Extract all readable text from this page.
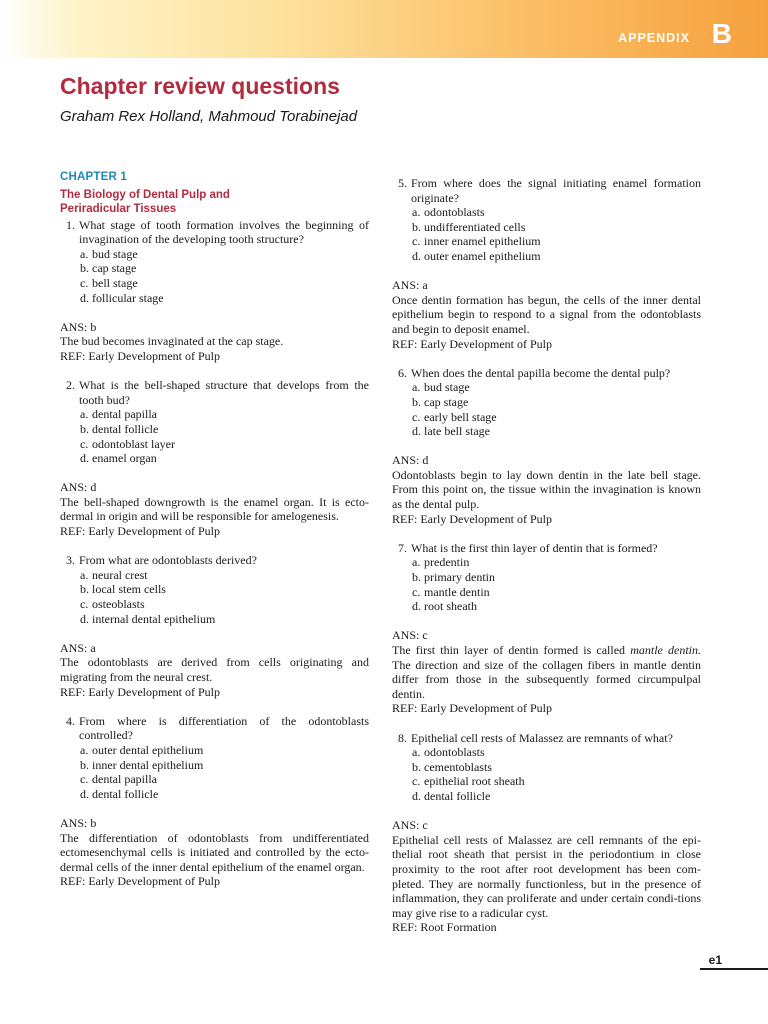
APPENDIX B
Chapter review questions
Graham Rex Holland, Mahmoud Torabinejad
CHAPTER 1
The Biology of Dental Pulp and
Periradicular Tissues
1. What stage of tooth formation involves the beginning of invagination of the developing tooth structure?
a. bud stage
b. cap stage
c. bell stage
d. follicular stage

ANS: b

The bud becomes invaginated at the cap stage.

REF: Early Development of Pulp

2. What is the bell-shaped structure that develops from the tooth bud?
a. dental papilla
b. dental follicle
c. odontoblast layer
d. enamel organ

ANS: d

The bell-shaped downgrowth is the enamel organ. It is ecto-dermal in origin and will be responsible for amelogenesis.

REF: Early Development of Pulp

3. From what are odontoblasts derived?
a. neural crest
b. local stem cells
c. osteoblasts
d. internal dental epithelium

ANS: a

The odontoblasts are derived from cells originating and migrating from the neural crest.

REF: Early Development of Pulp

4. From where is differentiation of the odontoblasts controlled?
a. outer dental epithelium
b. inner dental epithelium
c. dental papilla
d. dental follicle

ANS: b

The differentiation of odontoblasts from undifferentiated ectomesenchymal cells is initiated and controlled by the ecto-dermal cells of the inner dental epithelium of the enamel organ.

REF: Early Development of Pulp

5. From where does the signal initiating enamel formation originate?
a. odontoblasts
b. undifferentiated cells
c. inner enamel epithelium
d. outer enamel epithelium

ANS: a

Once dentin formation has begun, the cells of the inner dental epithelium begin to respond to a signal from the odontoblasts and begin to deposit enamel.

REF: Early Development of Pulp

6. When does the dental papilla become the dental pulp?
a. bud stage
b. cap stage
c. early bell stage
d. late bell stage

ANS: d

Odontoblasts begin to lay down dentin in the late bell stage. From this point on, the tissue within the invagination is known as the dental pulp.

REF: Early Development of Pulp

7. What is the first thin layer of dentin that is formed?
a. predentin
b. primary dentin
c. mantle dentin
d. root sheath

ANS: c

The first thin layer of dentin formed is called mantle dentin. The direction and size of the collagen fibers in mantle dentin differ from those in the subsequently formed circumpulpal dentin.

REF: Early Development of Pulp

8. Epithelial cell rests of Malassez are remnants of what?
a. odontoblasts
b. cementoblasts
c. epithelial root sheath
d. dental follicle

ANS: c

Epithelial cell rests of Malassez are cell remnants of the epi-thelial root sheath that persist in the periodontium in close proximity to the root after root development has been com-pleted. They are normally functionless, but in the presence of inflammation, they can proliferate and under certain condi-tions may give rise to a radicular cyst.

REF: Root Formation

e1
